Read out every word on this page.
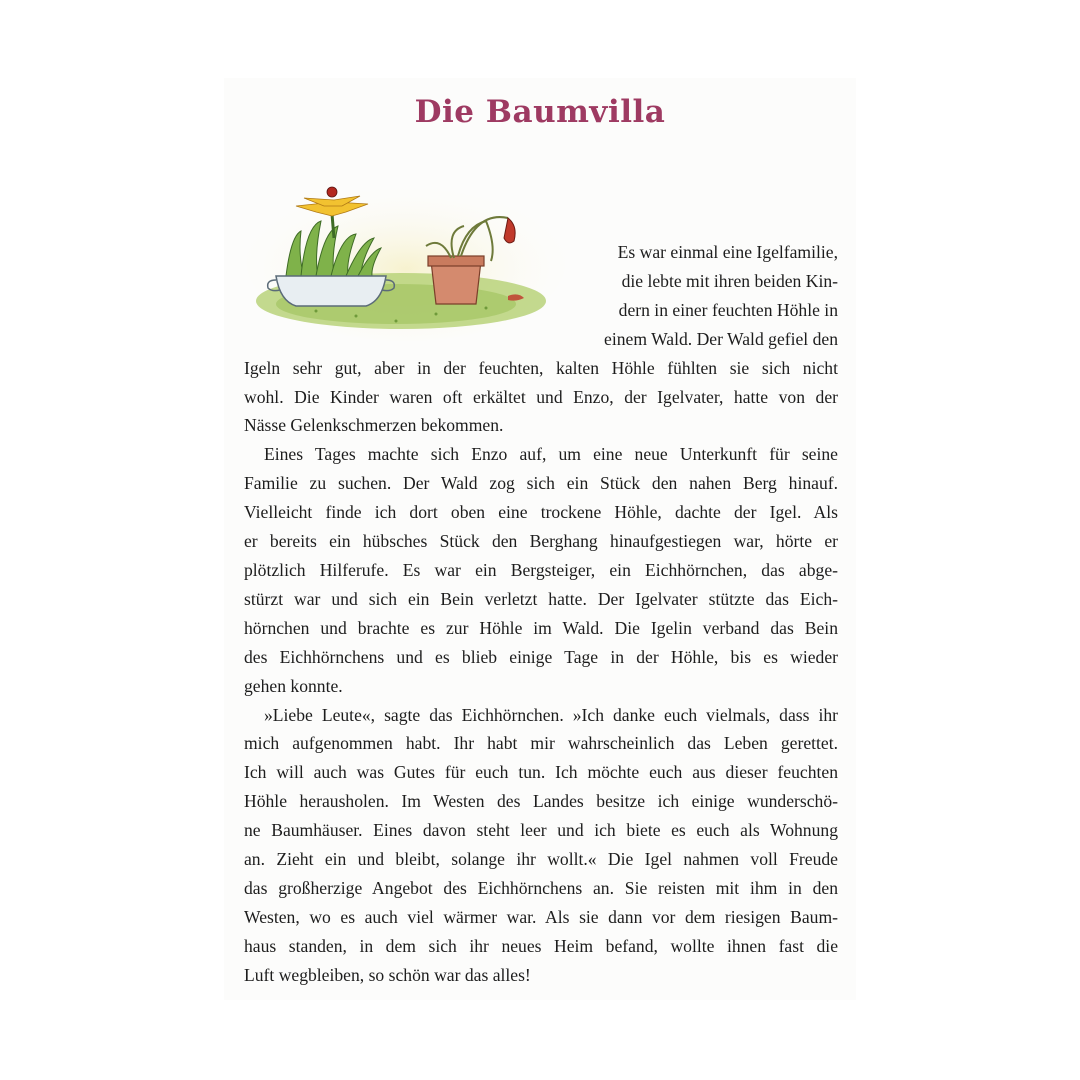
Die Baumvilla

Es war einmal eine Igelfamilie,
die lebte mit ihren beiden Kin-
dern in einer feuchten Höhle in
einem Wald. Der Wald gefiel den
Igeln sehr gut, aber in der feuchten, kalten Höhle fühlten sie sich nicht
wohl. Die Kinder waren oft erkältet und Enzo, der Igelvater, hatte von der
Nässe Gelenkschmerzen bekommen.

Eines Tages machte sich Enzo auf, um eine neue Unterkunft für seine
Familie zu suchen. Der Wald zog sich ein Stück den nahen Berg hinauf.
Vielleicht finde ich dort oben eine trockene Höhle, dachte der Igel. Als
er bereits ein hübsches Stück den Berghang hinaufgestiegen war, hörte er
plötzlich Hilferufe. Es war ein Bergsteiger, ein Eichhörnchen, das abge-
stürzt war und sich ein Bein verletzt hatte. Der Igelvater stützte das Eich-
hörnchen und brachte es zur Höhle im Wald. Die Igelin verband das Bein
des Eichhörnchens und es blieb einige Tage in der Höhle, bis es wieder
gehen konnte.

»Liebe Leute«, sagte das Eichhörnchen. »Ich danke euch vielmals, dass ihr
mich aufgenommen habt. Ihr habt mir wahrscheinlich das Leben gerettet.
Ich will auch was Gutes für euch tun. Ich möchte euch aus dieser feuchten
Höhle herausholen. Im Westen des Landes besitze ich einige wunderschö-
ne Baumhäuser. Eines davon steht leer und ich biete es euch als Wohnung
an. Zieht ein und bleibt, solange ihr wollt.« Die Igel nahmen voll Freude
das großherzige Angebot des Eichhörnchens an. Sie reisten mit ihm in den
Westen, wo es auch viel wärmer war. Als sie dann vor dem riesigen Baum-
haus standen, in dem sich ihr neues Heim befand, wollte ihnen fast die
Luft wegbleiben, so schön war das alles!
